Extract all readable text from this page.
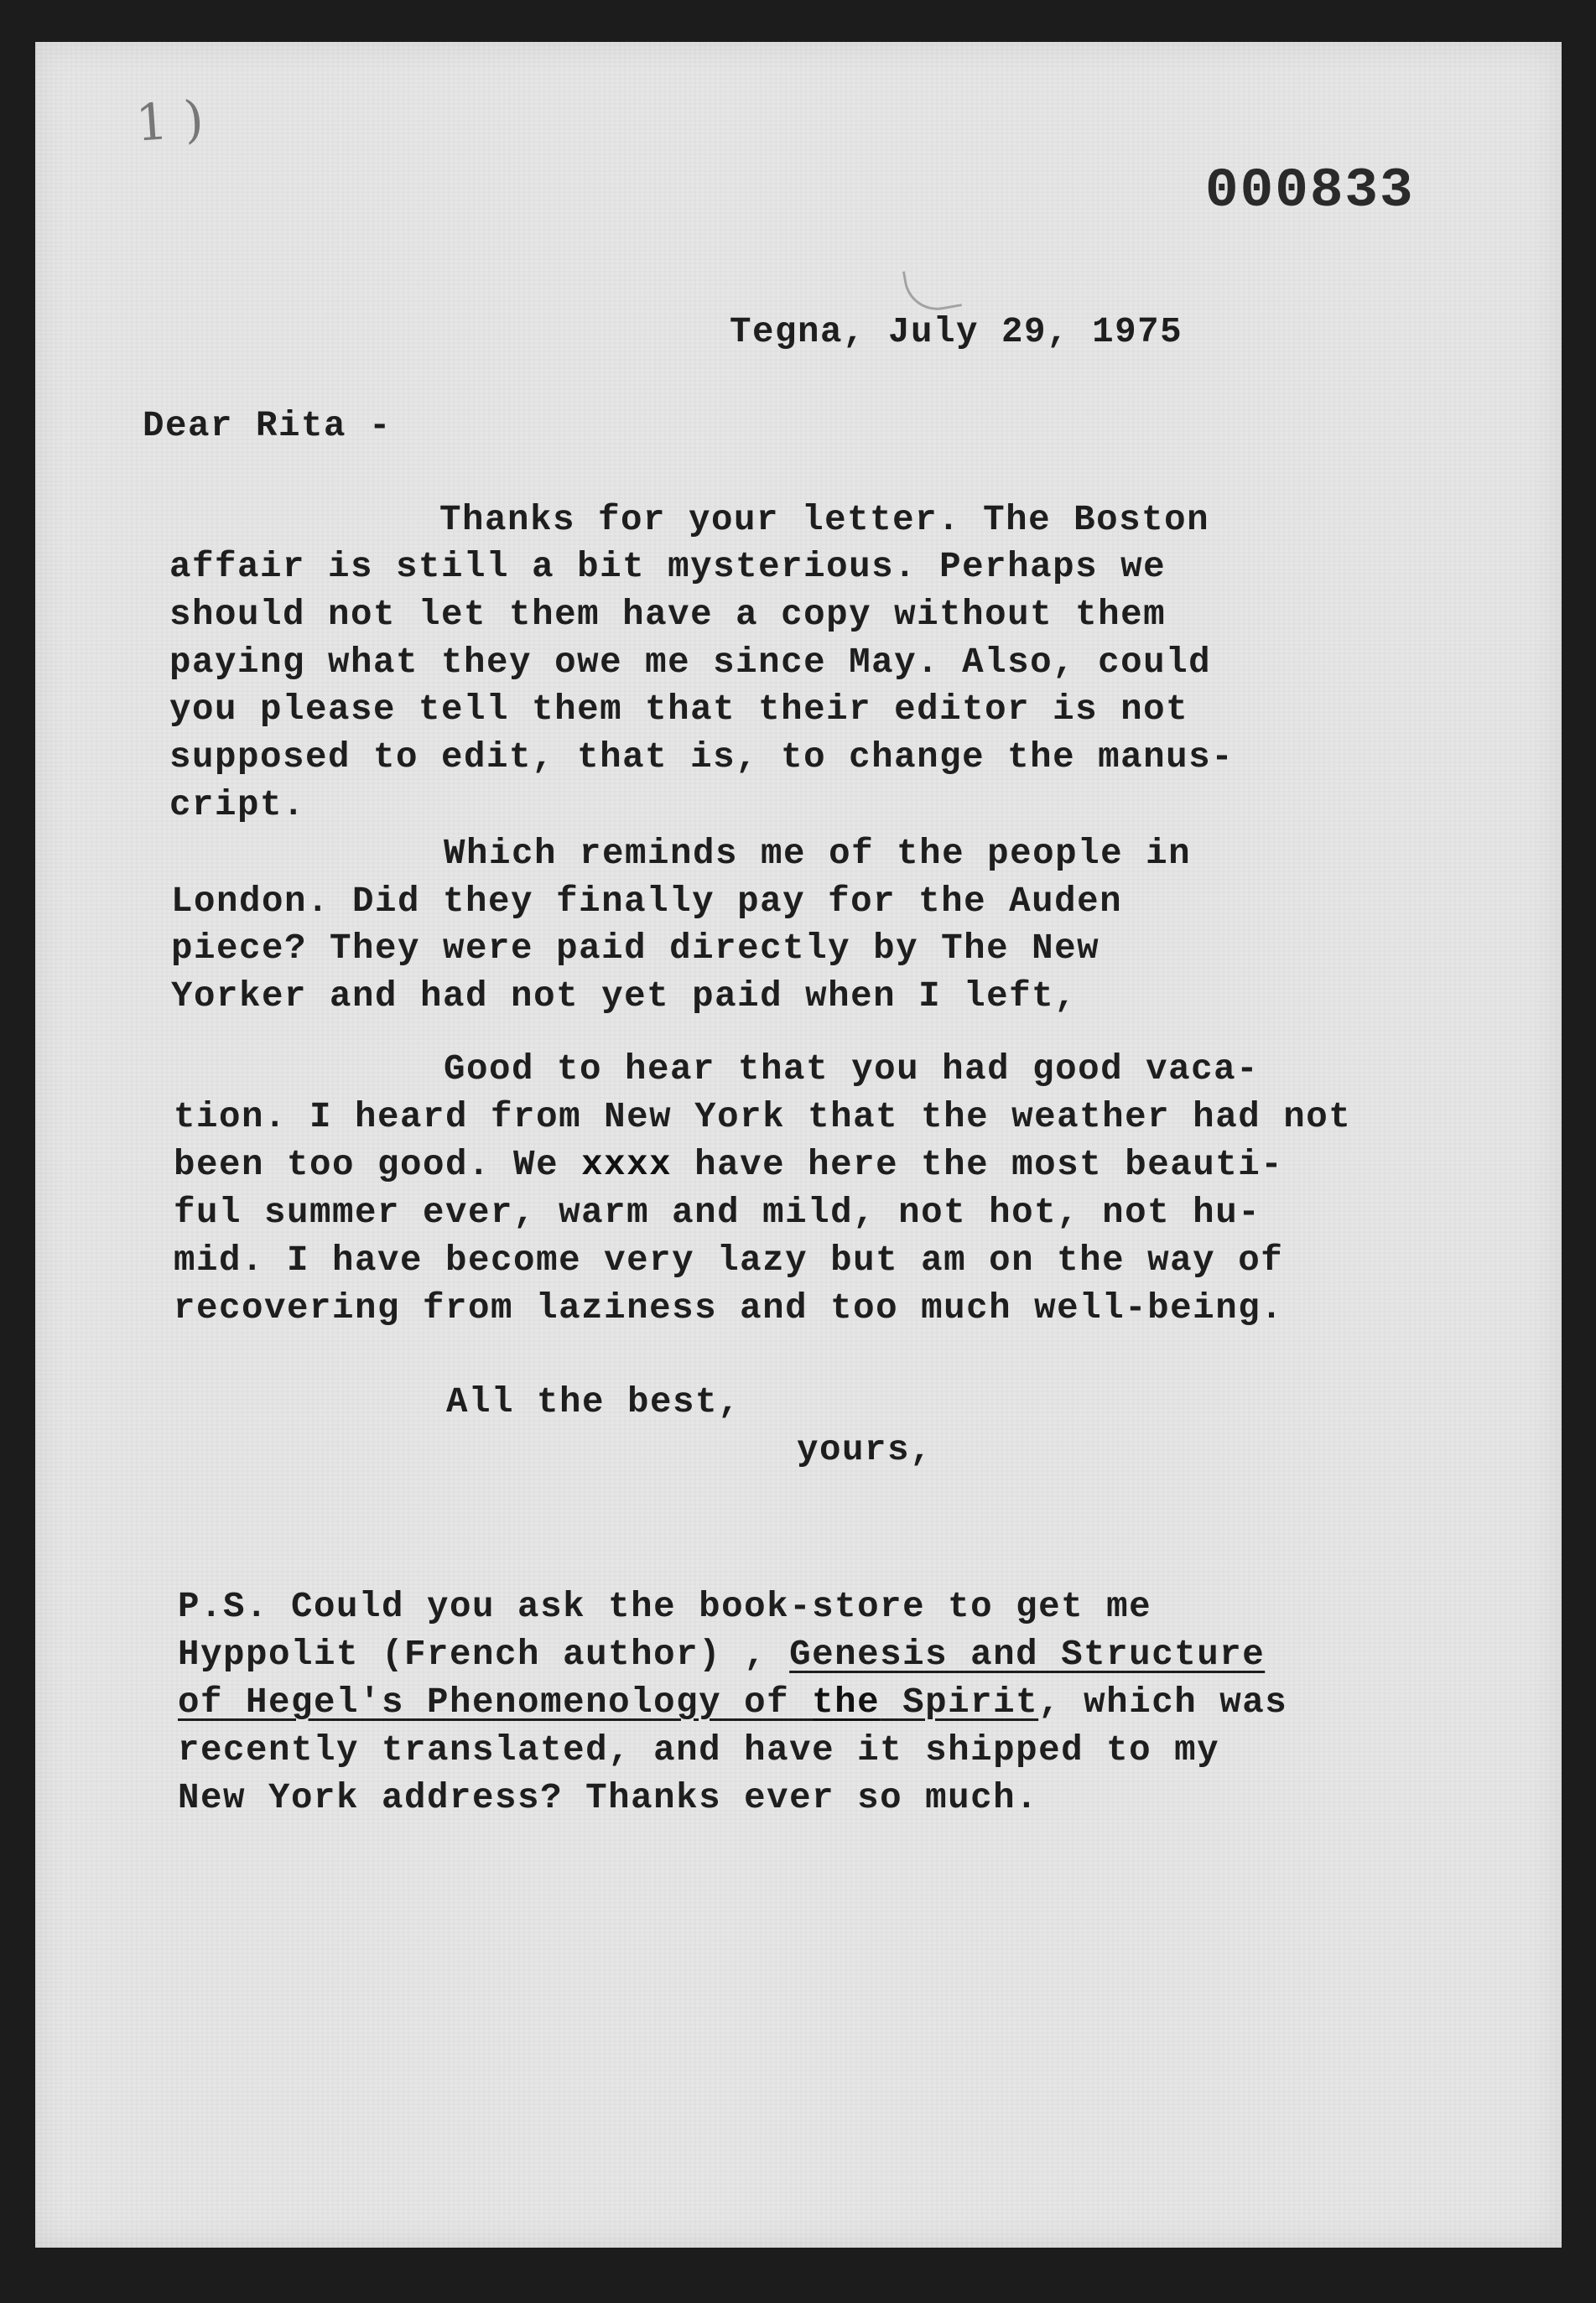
1 )
000833
Tegna, July 29, 1975
Dear Rita -
Thanks for your letter. The Boston
affair is still a bit mysterious. Perhaps we
should not let them have a copy without them
paying what they owe me since May. Also, could
you please tell them that their editor is not
supposed to edit, that is, to change the manus-
cript.
Which reminds me of the people in
London. Did they finally pay for the Auden
piece? They were paid directly by The New
Yorker and had not yet paid when I left,
Good to hear that you had good vaca-
tion. I heard from New York that the weather had not
been too good. We xxxx have here the most beauti-
ful summer ever, warm and mild, not hot, not hu-
mid. I have become very lazy but am on the way of
recovering from laziness and too much well-being.
All the best,
yours,
P.S. Could you ask the book-store to get me
Hyppolit (French author) , Genesis and Structure
of Hegel's Phenomenology of the Spirit, which was
recently translated, and have it shipped to my
New York address? Thanks ever so much.
